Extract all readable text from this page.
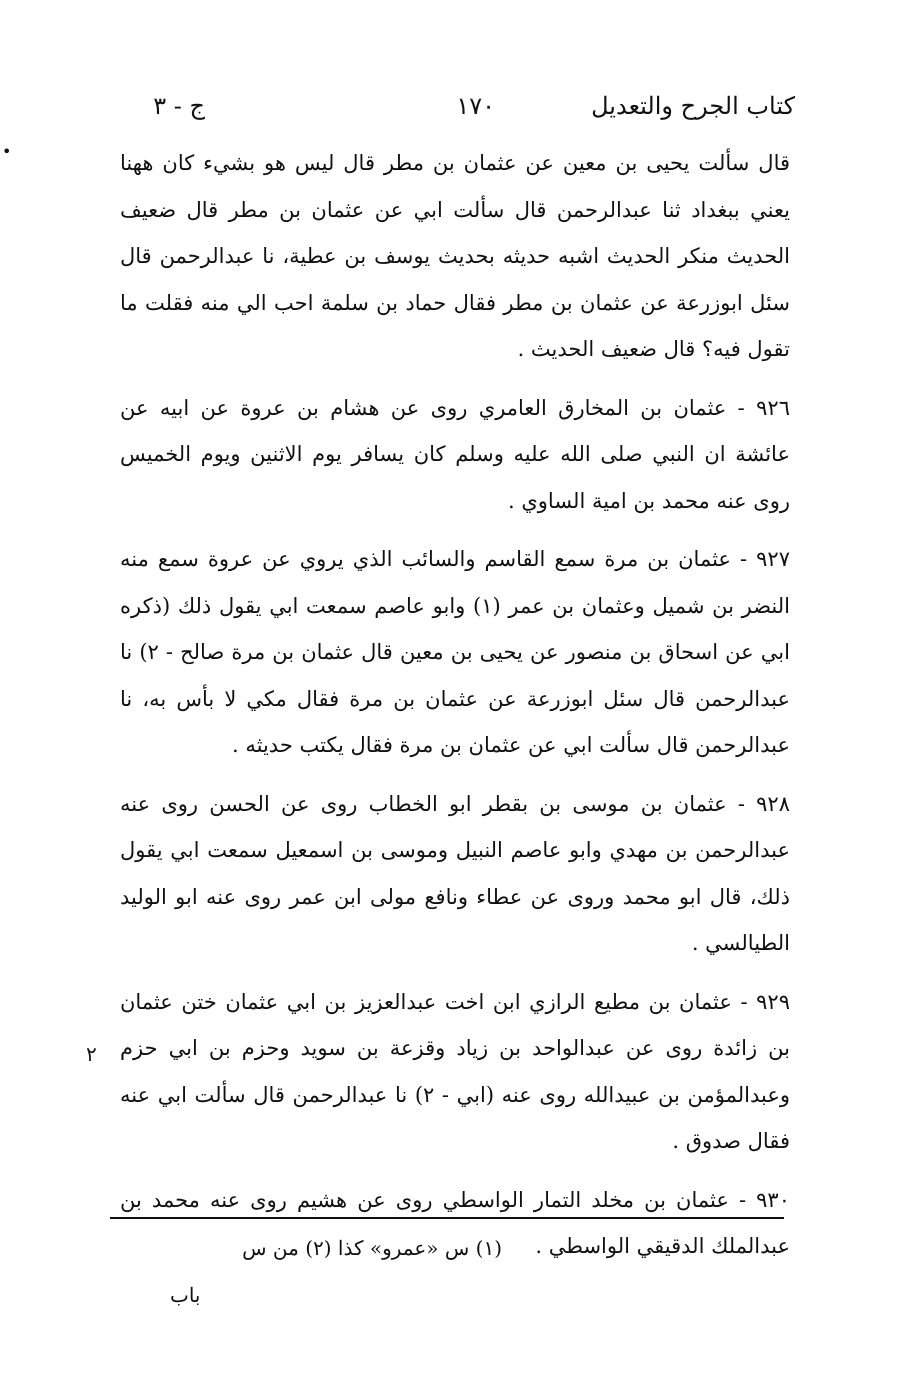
•
كتاب الجرح والتعديل
١٧٠
ج - ٣

قال سألت يحيى بن معين عن عثمان بن مطر قال ليس هو بشيء كان ههنا يعني ببغداد ثنا عبدالرحمن قال سألت ابي عن عثمان بن مطر قال ضعيف الحديث منكر الحديث اشبه حديثه بحديث يوسف بن عطية، نا عبدالرحمن قال سئل ابوزرعة عن عثمان بن مطر فقال حماد بن سلمة احب الي منه فقلت ما تقول فيه؟ قال ضعيف الحديث .

٩٢٦ - عثمان بن المخارق العامري روى عن هشام بن عروة عن ابيه عن عائشة ان النبي صلى الله عليه وسلم كان يسافر يوم الاثنين ويوم الخميس روى عنه محمد بن امية الساوي .

٩٢٧ - عثمان بن مرة سمع القاسم والسائب الذي يروي عن عروة سمع منه النضر بن شميل وعثمان بن عمر (١) وابو عاصم سمعت ابي يقول ذلك (ذكره ابي عن اسحاق بن منصور عن يحيى بن معين قال عثمان بن مرة صالح - ٢) نا عبدالرحمن قال سئل ابوزرعة عن عثمان بن مرة فقال مكي لا بأس به، نا عبدالرحمن قال سألت ابي عن عثمان بن مرة فقال يكتب حديثه .

٩٢٨ - عثمان بن موسى بن بقطر ابو الخطاب روى عن الحسن روى عنه عبدالرحمن بن مهدي وابو عاصم النبيل وموسى بن اسمعيل سمعت ابي يقول ذلك، قال ابو محمد وروى عن عطاء ونافع مولى ابن عمر روى عنه ابو الوليد الطيالسي .

٩٢٩ - عثمان بن مطيع الرازي ابن اخت عبدالعزيز بن ابي عثمان ختن عثمان بن زائدة روى عن عبدالواحد بن زياد وقزعة بن سويد وحزم بن ابي حزم وعبدالمؤمن بن عبيدالله روى عنه (ابي - ٢) نا عبدالرحمن قال سألت ابي عنه فقال صدوق .

٩٣٠ - عثمان بن مخلد التمار الواسطي روى عن هشيم روى عنه محمد بن عبدالملك الدقيقي الواسطي .

٢
(١) س «عمرو» كذا (٢) من س
باب
